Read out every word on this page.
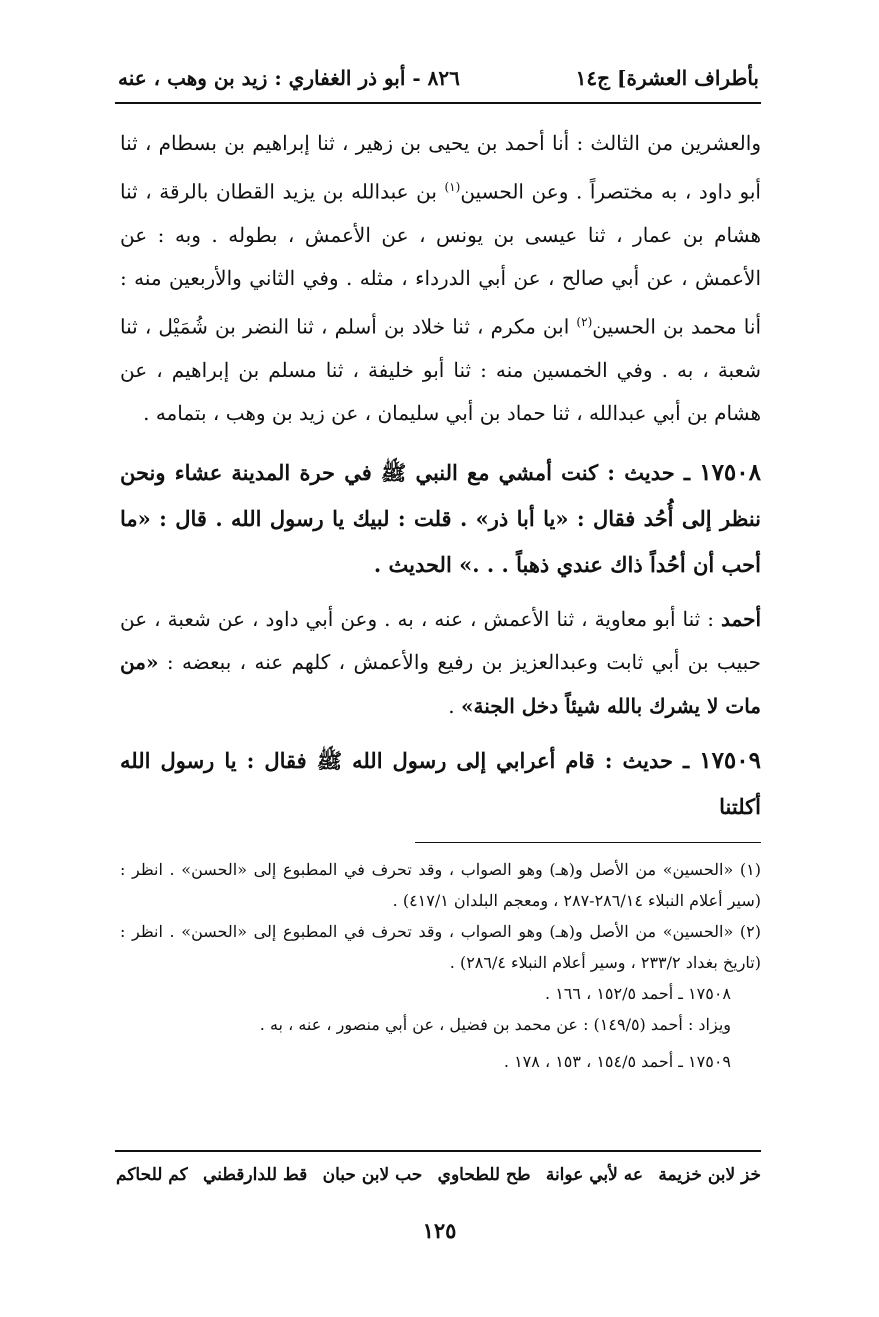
بأطراف العشرة] ج١٤
٨٢٦ - أبو ذر الغفاري : زيد بن وهب ، عنه

والعشرين من الثالث : أنا أحمد بن يحيى بن زهير ، ثنا إبراهيم بن بسطام ، ثنا أبو داود ، به مختصراً . وعن الحسين$^{(١)}$ بن عبدالله بن يزيد القطان بالرقة ، ثنا هشام بن عمار ، ثنا عيسى بن يونس ، عن الأعمش ، بطوله . وبه : عن الأعمش ، عن أبي صالح ، عن أبي الدرداء ، مثله . وفي الثاني والأربعين منه : أنا محمد بن الحسين$^{(٢)}$ ابن مكرم ، ثنا خلاد بن أسلم ، ثنا النضر بن شُمَيْل ، ثنا شعبة ، به . وفي الخمسين منه : ثنا أبو خليفة ، ثنا مسلم بن إبراهيم ، عن هشام بن أبي عبدالله ، ثنا حماد بن أبي سليمان ، عن زيد بن وهب ، بتمامه .

١٧٥٠٨ ـ حديث : كنت أمشي مع النبي ﷺ في حرة المدينة عشاء ونحن ننظر إلى أُحُد فقال : «يا أبا ذر» . قلت : لبيك يا رسول الله . قال : «ما أحب أن أحُداً ذاك عندي ذهباً . . .» الحديث .

أحمد : ثنا أبو معاوية ، ثنا الأعمش ، عنه ، به . وعن أبي داود ، عن شعبة ، عن حبيب بن أبي ثابت وعبدالعزيز بن رفيع والأعمش ، كلهم عنه ، ببعضه : «من مات لا يشرك بالله شيئاً دخل الجنة» .

١٧٥٠٩ ـ حديث : قام أعرابي إلى رسول الله ﷺ فقال : يا رسول الله أكلتنا

(١) «الحسين» من الأصل و(هـ) وهو الصواب ، وقد تحرف في المطبوع إلى «الحسن» . انظر : (سير أعلام النبلاء ٢٨٦/١٤-٢٨٧ ، ومعجم البلدان ٤١٧/١) .

(٢) «الحسين» من الأصل و(هـ) وهو الصواب ، وقد تحرف في المطبوع إلى «الحسن» . انظر : (تاريخ بغداد ٢٣٣/٢ ، وسير أعلام النبلاء ٢٨٦/٤) .

١٧٥٠٨ ـ أحمد ١٥٢/٥ ، ١٦٦ .

ويزاد : أحمد (١٤٩/٥) : عن محمد بن فضيل ، عن أبي منصور ، عنه ، به .

١٧٥٠٩ ـ أحمد ١٥٤/٥ ، ١٥٣ ، ١٧٨ .

خز لابن خزيمة
عه لأبي عوانة
طح للطحاوي
حب لابن حبان
قط للدارقطني
كم للحاكم
١٢٥
